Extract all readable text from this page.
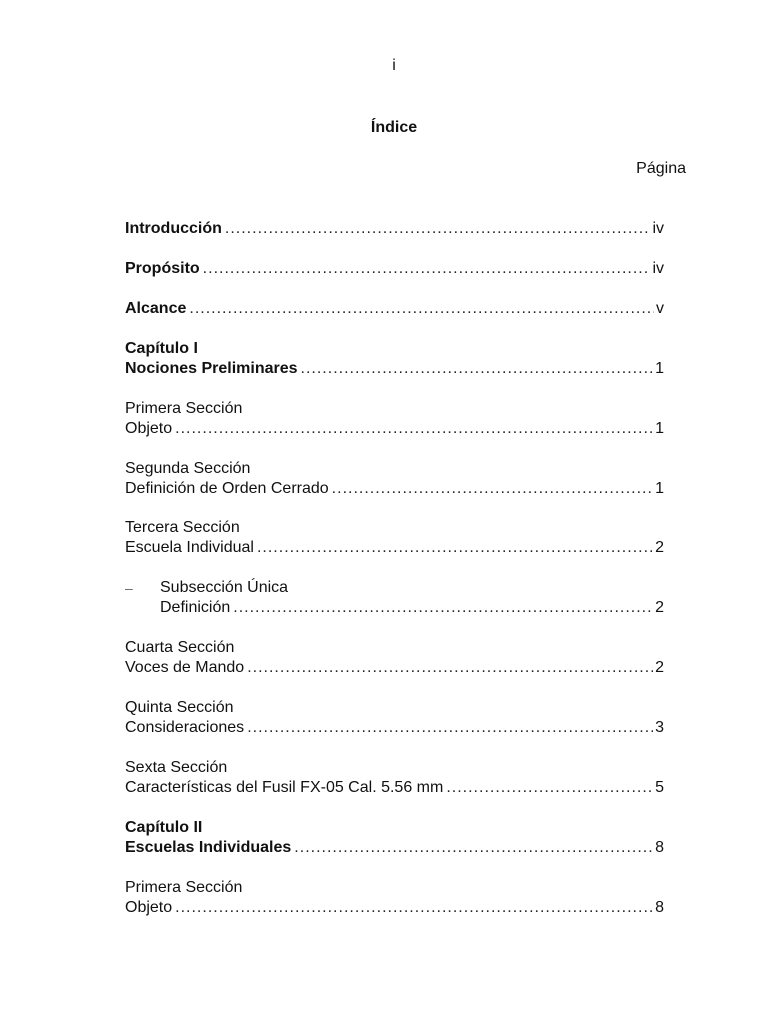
i
Índice
Página
Introducción .....	iv
Propósito .....	iv
Alcance .....	v
Capítulo I
Nociones Preliminares .....	1
Primera Sección
Objeto .....	1
Segunda Sección
Definición de Orden Cerrado .....	1
Tercera Sección
Escuela Individual .....	2
– Subsección Única
Definición .....	2
Cuarta Sección
Voces de Mando .....	2
Quinta Sección
Consideraciones .....	3
Sexta Sección
Características del Fusil FX-05 Cal. 5.56 mm .....	5
Capítulo II
Escuelas Individuales .....	8
Primera Sección
Objeto .....	8
